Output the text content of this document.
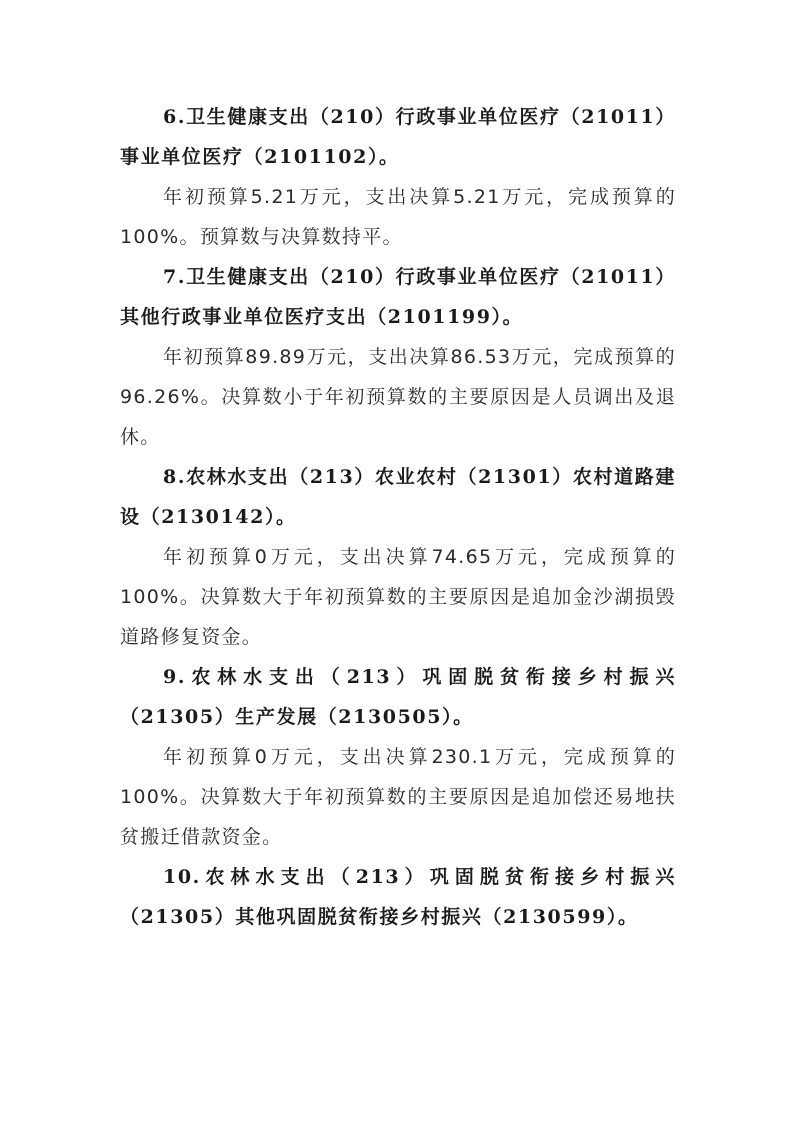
6.卫生健康支出（210）行政事业单位医疗（21011）事业单位医疗（2101102）。

年初预算5.21万元，支出决算5.21万元，完成预算的100%。预算数与决算数持平。

7.卫生健康支出（210）行政事业单位医疗（21011）其他行政事业单位医疗支出（2101199）。

年初预算89.89万元，支出决算86.53万元，完成预算的96.26%。决算数小于年初预算数的主要原因是人员调出及退休。

8.农林水支出（213）农业农村（21301）农村道路建设（2130142）。

年初预算0万元，支出决算74.65万元，完成预算的100%。决算数大于年初预算数的主要原因是追加金沙湖损毁道路修复资金。

9.农林水支出（213）巩固脱贫衔接乡村振兴（21305）生产发展（2130505）。

年初预算0万元，支出决算230.1万元，完成预算的100%。决算数大于年初预算数的主要原因是追加偿还易地扶贫搬迁借款资金。

10.农林水支出（213）巩固脱贫衔接乡村振兴（21305）其他巩固脱贫衔接乡村振兴（2130599）。
